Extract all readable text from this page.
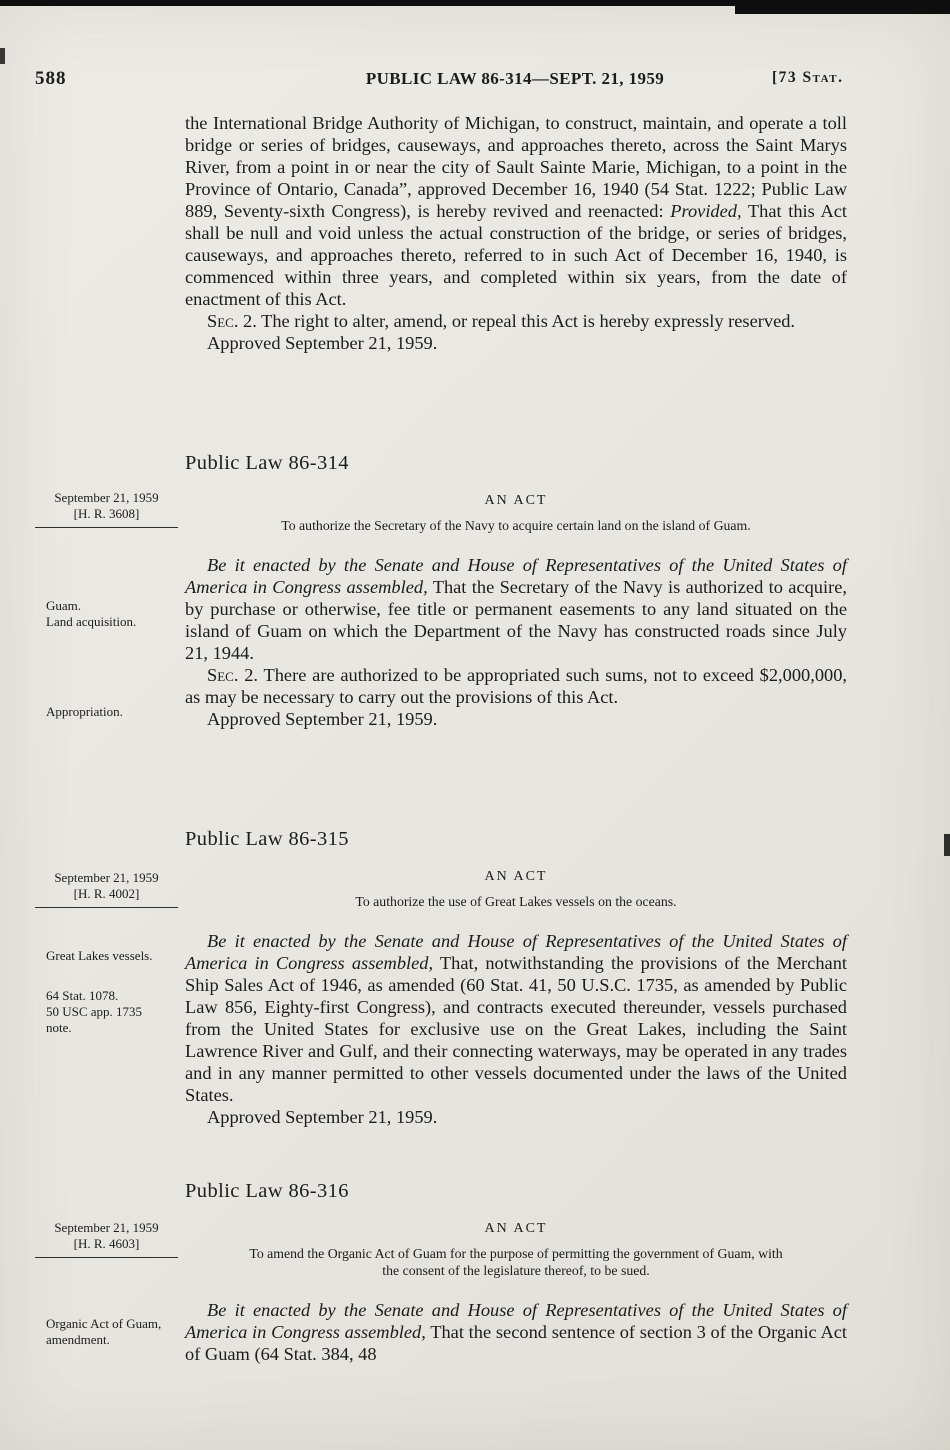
588	PUBLIC LAW 86-314—SEPT. 21, 1959	[73 Stat.

the International Bridge Authority of Michigan, to construct, maintain, and operate a toll bridge or series of bridges, causeways, and approaches thereto, across the Saint Marys River, from a point in or near the city of Sault Sainte Marie, Michigan, to a point in the Province of Ontario, Canada”, approved December 16, 1940 (54 Stat. 1222; Public Law 889, Seventy-sixth Congress), is hereby revived and reenacted: Provided, That this Act shall be null and void unless the actual construction of the bridge, or series of bridges, causeways, and approaches thereto, referred to in such Act of December 16, 1940, is commenced within three years, and completed within six years, from the date of enactment of this Act.

Sec. 2. The right to alter, amend, or repeal this Act is hereby expressly reserved.

Approved September 21, 1959.

September 21, 1959
[H. R. 3608]
Guam.
Land acquisition.
Appropriation.
Public Law 86-314
AN ACT
To authorize the Secretary of the Navy to acquire certain land on the island of Guam.

Be it enacted by the Senate and House of Representatives of the United States of America in Congress assembled, That the Secretary of the Navy is authorized to acquire, by purchase or otherwise, fee title or permanent easements to any land situated on the island of Guam on which the Department of the Navy has constructed roads since July 21, 1944.

Sec. 2. There are authorized to be appropriated such sums, not to exceed $2,000,000, as may be necessary to carry out the provisions of this Act.

Approved September 21, 1959.

September 21, 1959
[H. R. 4002]
Great Lakes vessels.
64 Stat. 1078.
50 USC app. 1735
note.
Public Law 86-315
AN ACT
To authorize the use of Great Lakes vessels on the oceans.

Be it enacted by the Senate and House of Representatives of the United States of America in Congress assembled, That, notwithstanding the provisions of the Merchant Ship Sales Act of 1946, as amended (60 Stat. 41, 50 U.S.C. 1735, as amended by Public Law 856, Eighty-first Congress), and contracts executed thereunder, vessels purchased from the United States for exclusive use on the Great Lakes, including the Saint Lawrence River and Gulf, and their connecting waterways, may be operated in any trades and in any manner permitted to other vessels documented under the laws of the United States.

Approved September 21, 1959.

September 21, 1959
[H. R. 4603]
Organic Act of Guam, amendment.
Public Law 86-316
AN ACT
To amend the Organic Act of Guam for the purpose of permitting the government of Guam, with the consent of the legislature thereof, to be sued.

Be it enacted by the Senate and House of Representatives of the United States of America in Congress assembled, That the second sentence of section 3 of the Organic Act of Guam (64 Stat. 384, 48
